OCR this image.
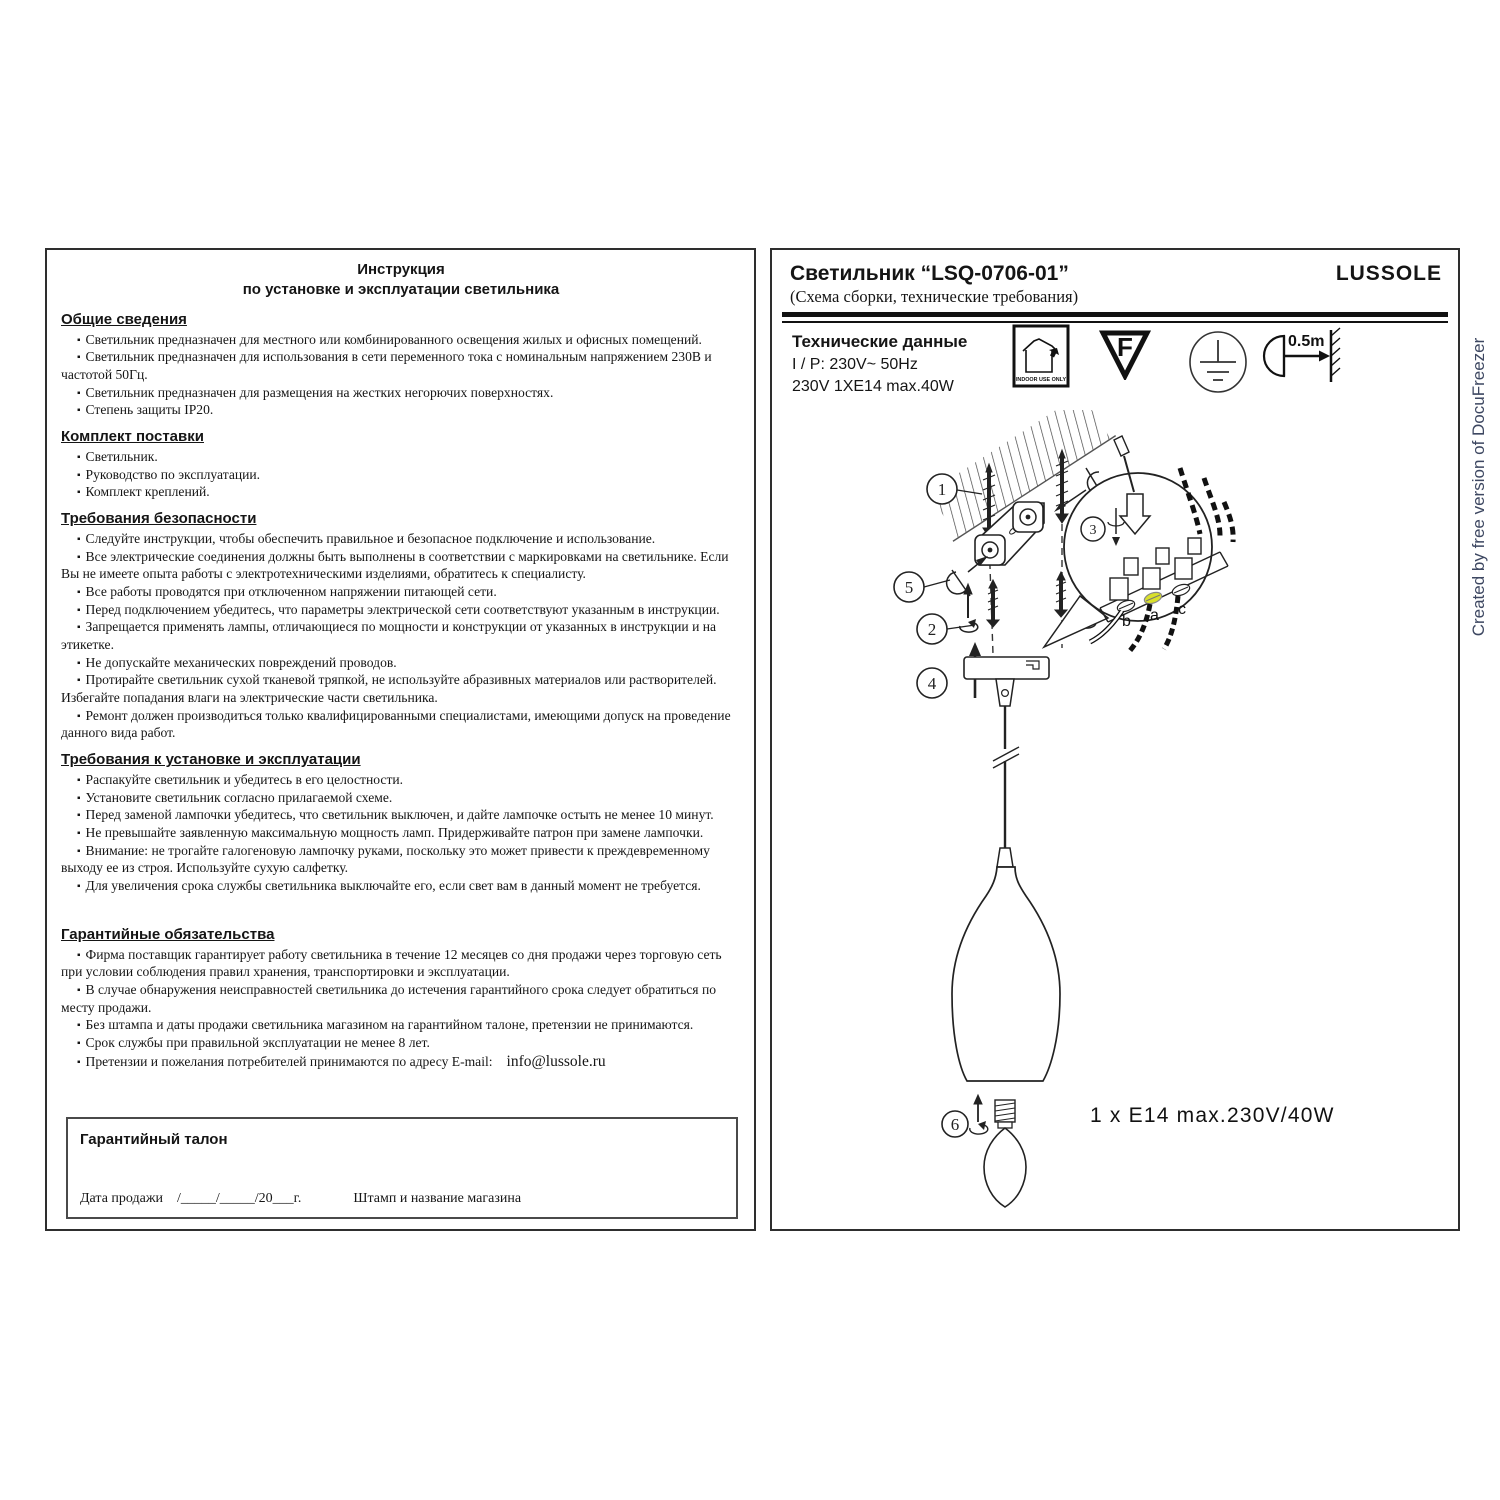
Инструкция
по установке и эксплуатации светильника
Общие сведения
▪ Светильник предназначен для местного или комбинированного освещения жилых и офисных помещений.
▪ Светильник предназначен для использования в сети переменного тока с номинальным напряжением 230В и частотой 50Гц.
▪ Светильник предназначен для размещения на жестких негорючих поверхностях.
▪ Степень защиты IP20.
Комплект поставки
▪ Светильник.
▪ Руководство по эксплуатации.
▪ Комплект креплений.
Требования безопасности
▪ Следуйте инструкции, чтобы обеспечить правильное и безопасное подключение и использование.
▪ Все электрические соединения должны быть выполнены в соответствии с маркировками на светильнике. Если Вы не имеете опыта работы с электротехническими изделиями, обратитесь к специалисту.
▪ Все работы проводятся при отключенном напряжении питающей сети.
▪ Перед подключением убедитесь, что параметры электрической сети соответствуют указанным в инструкции.
▪ Запрещается применять лампы, отличающиеся по мощности и конструкции от указанных в инструкции и на этикетке.
▪ Не допускайте механических повреждений проводов.
▪ Протирайте светильник сухой тканевой тряпкой, не используйте абразивных материалов или растворителей. Избегайте попадания влаги на электрические части светильника.
▪ Ремонт должен производиться только квалифицированными специалистами, имеющими допуск на проведение данного вида работ.
Требования к установке и эксплуатации
▪ Распакуйте светильник и убедитесь в его целостности.
▪ Установите светильник согласно прилагаемой схеме.
▪ Перед заменой лампочки убедитесь, что светильник выключен, и дайте лампочке остыть не менее 10 минут.
▪ Не превышайте заявленную максимальную мощность ламп. Придерживайте патрон при замене лампочки.
▪ Внимание: не трогайте галогеновую лампочку руками, поскольку это может привести к преждевременному выходу ее из строя. Используйте сухую салфетку.
▪ Для увеличения срока службы светильника выключайте его, если свет вам в данный момент не требуется.
Гарантийные обязательства
▪ Фирма поставщик гарантирует работу светильника в течение 12 месяцев со дня продажи через торговую сеть при условии соблюдения правил хранения, транспортировки и эксплуатации.
▪ В случае обнаружения неисправностей светильника до истечения гарантийного срока следует обратиться по месту продажи.
▪ Без штампа и даты продажи светильника магазином на гарантийном талоне, претензии не принимаются.
▪ Срок службы при правильной эксплуатации не менее 8 лет.
▪ Претензии и пожелания потребителей принимаются по адресу E-mail: info@lussole.ru
Гарантийный талон
Дата продажи /_____/_____/20___г.	Штамп и название магазина
Светильник “LSQ-0706-01”	LUSSOLE
(Схема сборки, технические требования)
Технические данные
I / P: 230V~ 50Hz
230V 1XE14 max.40W	INDOOR USE ONLY
F	0.5m
1
5
2
4
6
3
b a c
1 x E14 max.230V/40W
Created by free version of DocuFreezer
